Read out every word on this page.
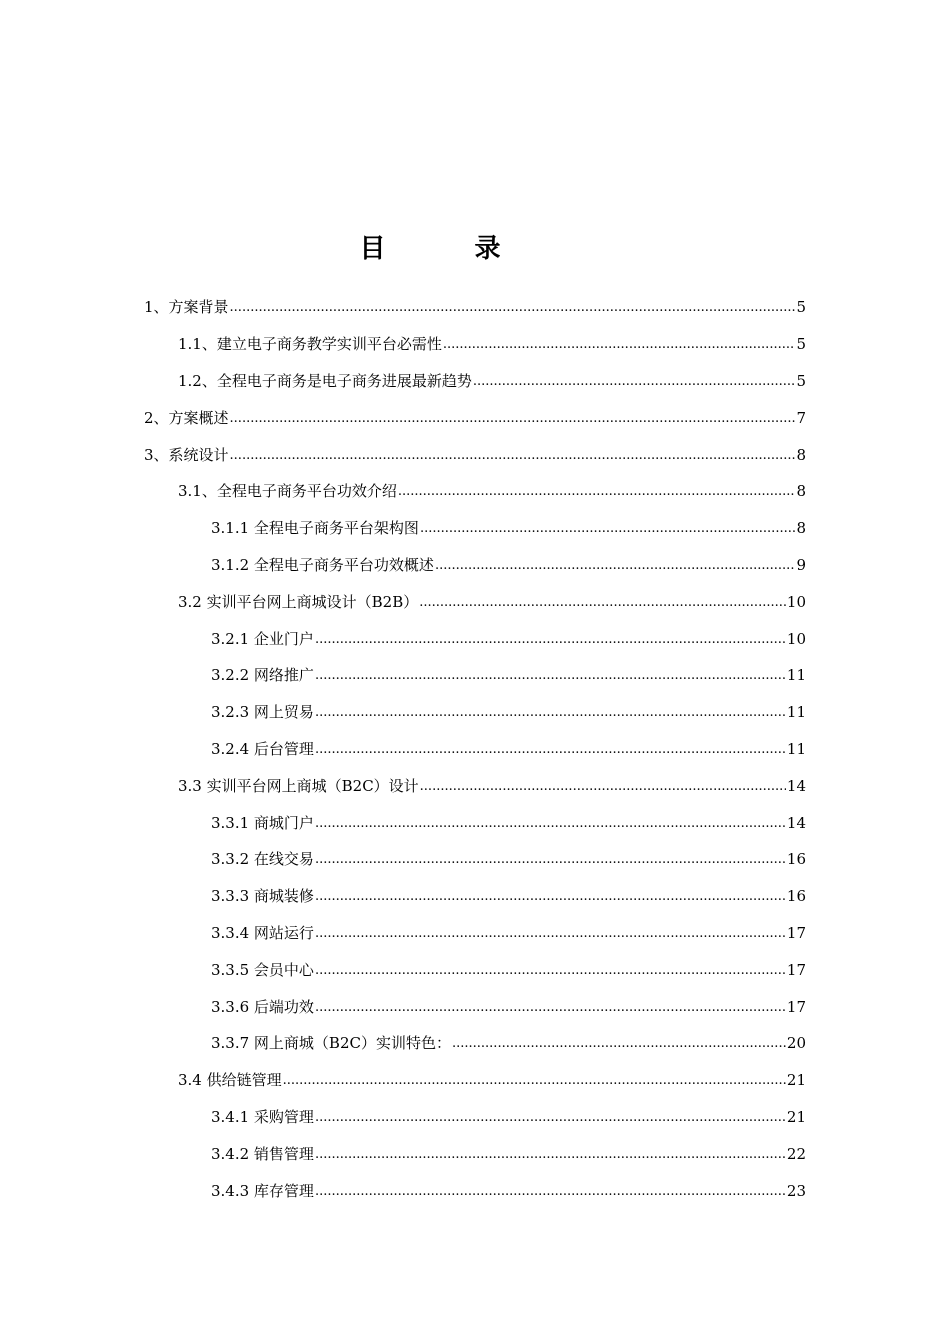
目 录
1、方案背景 .....	5
1.1、建立电子商务教学实训平台必需性 .....	5
1.2、全程电子商务是电子商务进展最新趋势 .....	5
2、方案概述 .....	7
3、系统设计 .....	8
3.1、全程电子商务平台功效介绍 .....	8
3.1.1 全程电子商务平台架构图 .....	8
3.1.2 全程电子商务平台功效概述 .....	9
3.2 实训平台网上商城设计（B2B） .....	10
3.2.1 企业门户 .....	10
3.2.2 网络推广 .....	11
3.2.3 网上贸易 .....	11
3.2.4 后台管理 .....	11
3.3 实训平台网上商城（B2C）设计 .....	14
3.3.1 商城门户 .....	14
3.3.2 在线交易 .....	16
3.3.3 商城装修 .....	16
3.3.4 网站运行 .....	17
3.3.5 会员中心 .....	17
3.3.6 后端功效 .....	17
3.3.7 网上商城（B2C）实训特色： .....	20
3.4 供给链管理 .....	21
3.4.1 采购管理 .....	21
3.4.2 销售管理 .....	22
3.4.3 库存管理 .....	23
